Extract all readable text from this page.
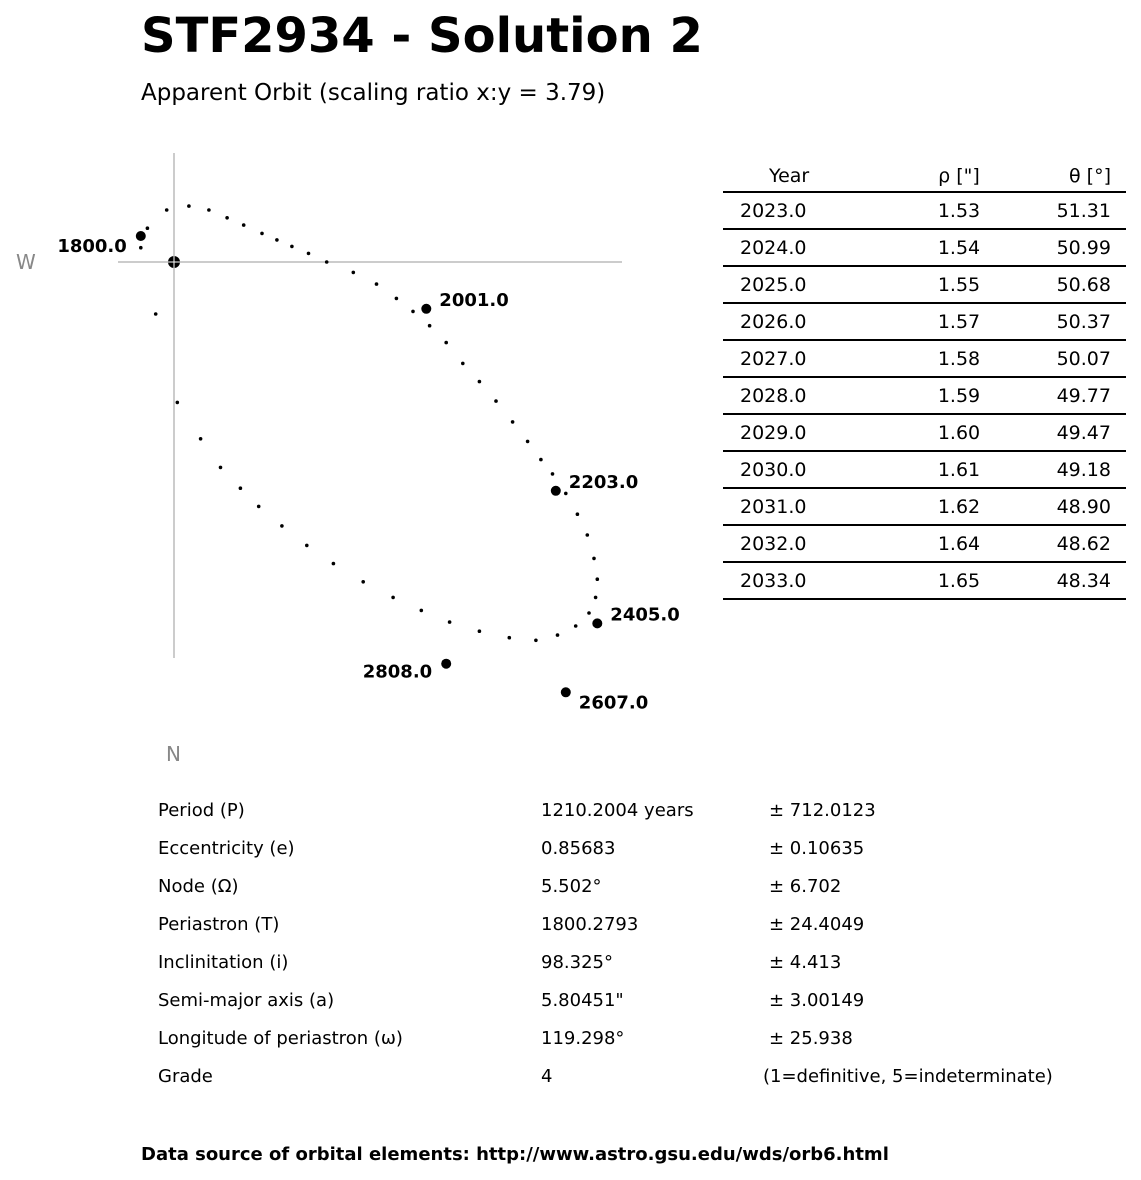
STF2934 - Solution 2
Apparent Orbit (scaling ratio x:y = 3.79)
W
N
1800.0
2001.0
2203.0
2405.0
2607.0
2808.0
Year	ρ ["]	θ [°]
2023.0	1.53	51.31
2024.0	1.54	50.99
2025.0	1.55	50.68
2026.0	1.57	50.37
2027.0	1.58	50.07
2028.0	1.59	49.77
2029.0	1.60	49.47
2030.0	1.61	49.18
2031.0	1.62	48.90
2032.0	1.64	48.62
2033.0	1.65	48.34
Period (P)	1210.2004 years	± 712.0123
Eccentricity (e)	0.85683	± 0.10635
Node (Ω)	5.502°	± 6.702
Periastron (T)	1800.2793	± 24.4049
Inclinitation (i)	98.325°	± 4.413
Semi-major axis (a)	5.80451"	± 3.00149
Longitude of periastron (ω)	119.298°	± 25.938
Grade	4	(1=definitive, 5=indeterminate)
Data source of orbital elements: http://www.astro.gsu.edu/wds/orb6.html
